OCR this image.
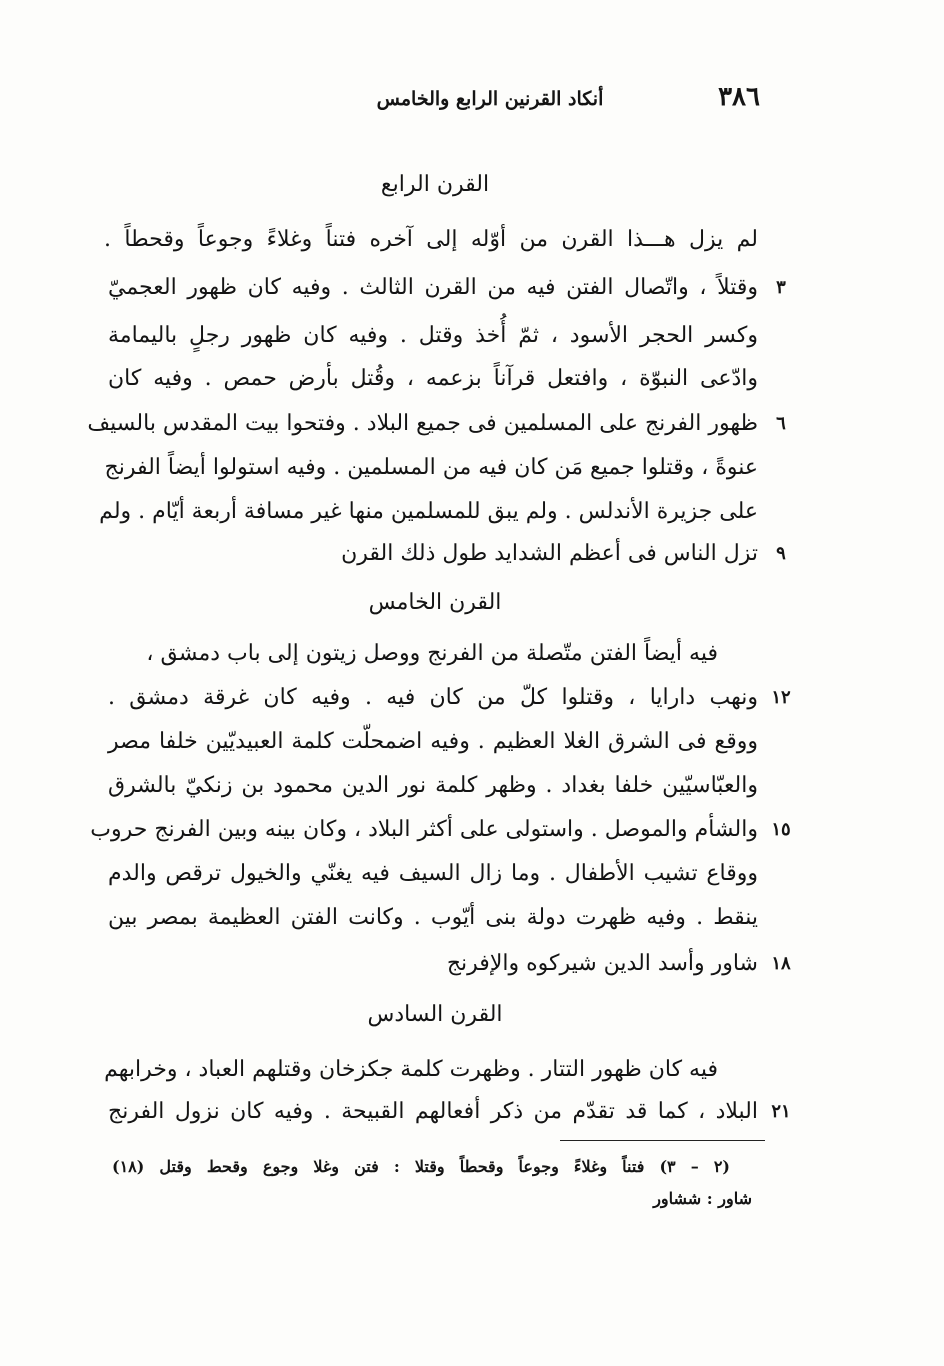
٣٨٦
أنكاد القرنين الرابع والخامس
القرن الرابع
لم يزل هـــذا القرن من أوّله إلى آخره فتناً وغلاءً وجوعاً وقحطاً .
وقتلاً ، واتّصال الفتن فيه من القرن الثالث . وفيه كان ظهور العجميّ
وكسر الحجر الأسود ، ثمّ أُخذ وقتل . وفيه كان ظهور رجلٍ باليمامة
وادّعى النبوّة ، وافتعل قرآناً بزعمه ، وقُتل بأرض حمص . وفيه كان
ظهور الفرنج على المسلمين فى جميع البلاد . وفتحوا بيت المقدس بالسيف
عنوةً ، وقتلوا جميع مَن كان فيه من المسلمين . وفيه استولوا أيضاً الفرنج
على جزيرة الأندلس . ولم يبق للمسلمين منها غير مسافة أربعة أيّام . ولم
تزل الناس فى أعظم الشدايد طول ذلك القرن
القرن الخامس
فيه أيضاً الفتن متّصلة من الفرنج ووصل زيتون إلى باب دمشق ،
ونهب دارايا ، وقتلوا كلّ من كان فيه . وفيه كان غرقة دمشق .
ووقع فى الشرق الغلا العظيم . وفيه اضمحلّت كلمة العبيديّين خلفا مصر
والعبّاسيّين خلفا بغداد . وظهر كلمة نور الدين محمود بن زنكيّ بالشرق
والشأم والموصل . واستولى على أكثر البلاد ، وكان بينه وبين الفرنج حروب
ووقاع تشيب الأطفال . وما زال السيف فيه يغنّي والخيول ترقص والدم
ينقط . وفيه ظهرت دولة بنى أيّوب . وكانت الفتن العظيمة بمصر بين
شاور وأسد الدين شيركوه والإفرنج
القرن السادس
فيه كان ظهور التتار . وظهرت كلمة جكزخان وقتلهم العباد ، وخرابهم
البلاد ، كما قد تقدّم من ذكر أفعالهم القبيحة . وفيه كان نزول الفرنج
٣
٦
٩
١٢
١٥
١٨
٢١
(٢ – ٣) فتناً وغلاءً وجوعاً وقحطاً وقتلا : فتن وغلا وجوع وقحط وقتل (١٨)
شاور : ششاور
